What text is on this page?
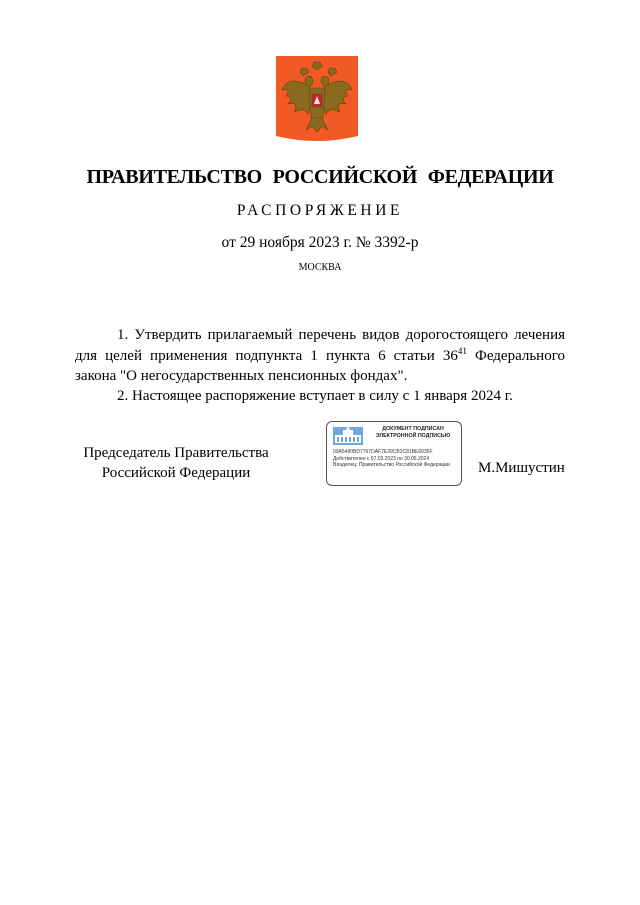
ПРАВИТЕЛЬСТВО РОССИЙСКОЙ ФЕДЕРАЦИИ
РАСПОРЯЖЕНИЕ
от 29 ноября 2023 г. № 3392-р
МОСКВА
1. Утвердить прилагаемый перечень видов дорогостоящего лечения для целей применения подпункта 1 пункта 6 статьи $36^{41}$ Федерального закона "О негосударственных пенсионных фондах".
2. Настоящее распоряжение вступает в силу с 1 января 2024 г.
Председатель Правительства
Российской Федерации
ДОКУМЕНТ ПОДПИСАН
ЭЛЕКТРОННОЙ ПОДПИСЬЮ
00A5490BD7767DAF7E39CB2C81BE6035F
Действителен с 07.03.2023 по 30.05.2024
Владелец: Правительство Российской Федерации	М.Мишустин
